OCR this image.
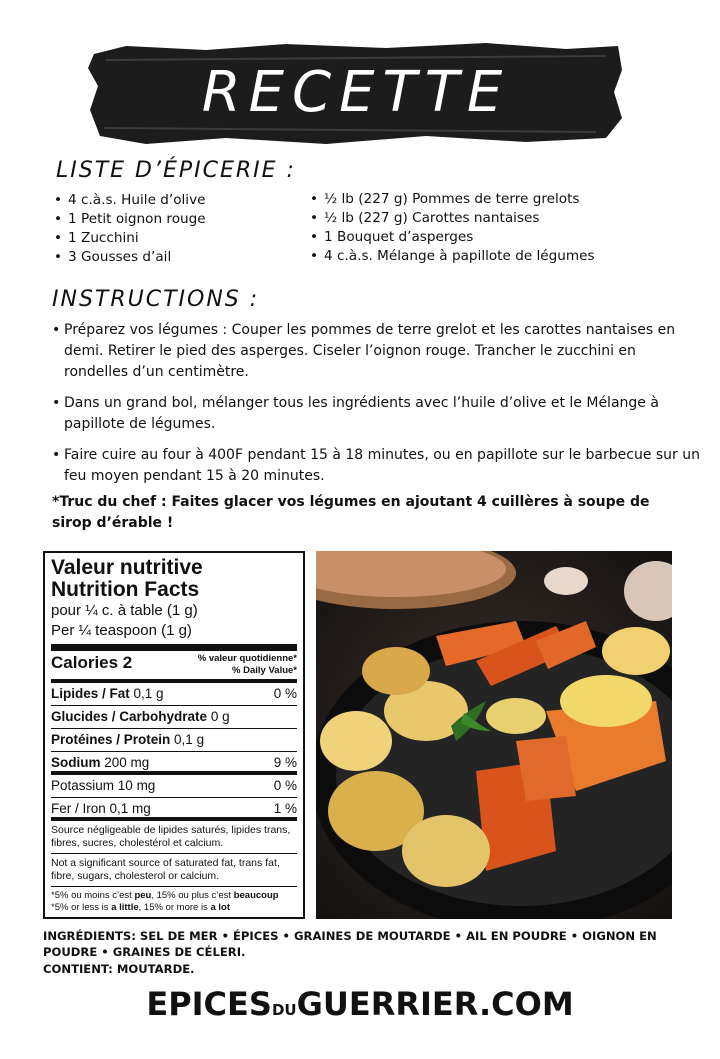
RECETTE
LISTE D’ÉPICERIE :
• 4 c.à.s. Huile d’olive
• 1 Petit oignon rouge
• 1 Zucchini
• 3 Gousses d’ail
• ½ lb (227 g) Pommes de terre grelots
• ½ lb (227 g) Carottes nantaises
• 1 Bouquet d’asperges
• 4 c.à.s. Mélange à papillote de légumes
INSTRUCTIONS :
• Préparez vos légumes : Couper les pommes de terre grelot et les carottes nantaises en demi. Retirer le pied des asperges. Ciseler l’oignon rouge. Trancher le zucchini en rondelles d’un centimètre.
• Dans un grand bol, mélanger tous les ingrédients avec l’huile d’olive et le Mélange à papillote de légumes.
• Faire cuire au four à 400F pendant 15 à 18 minutes, ou en papillote sur le barbecue sur un feu moyen pendant 15 à 20 minutes.
*Truc du chef : Faites glacer vos légumes en ajoutant 4 cuillères à soupe de sirop d’érable !
Valeur nutritive
Nutrition Facts
pour ¼ c. à table (1 g)
Per ¼ teaspoon (1 g)
Calories 2	% valeur quotidienne*
% Daily Value*
Lipides / Fat 0,1 g	0 %
Glucides / Carbohydrate 0 g
Protéines / Protein 0,1 g
Sodium 200 mg	9 %
Potassium 10 mg	0 %
Fer / Iron 0,1 mg	1 %
Source négligeable de lipides saturés, lipides trans, fibres, sucres, cholestérol et calcium.
Not a significant source of saturated fat, trans fat, fibre, sugars, cholesterol or calcium.
*5% ou moins c’est peu, 15% ou plus c’est beaucoup
*5% or less is a little, 15% or more is a lot
INGRÉDIENTS: SEL DE MER • ÉPICES • GRAINES DE MOUTARDE • AIL EN POUDRE • OIGNON EN POUDRE • GRAINES DE CÉLERI.
CONTIENT: MOUTARDE.
EPICESDUGUERRIER.COM
